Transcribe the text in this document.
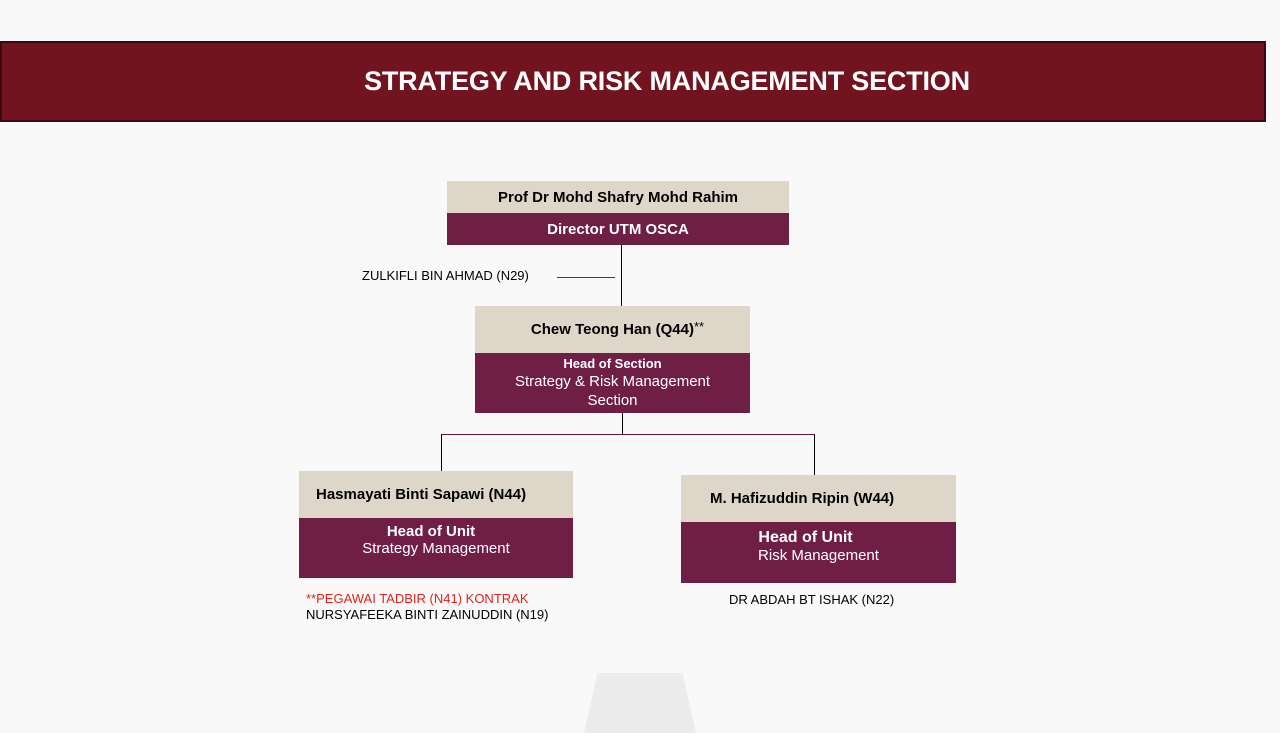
STRATEGY AND RISK MANAGEMENT SECTION
Prof Dr Mohd Shafry Mohd Rahim
Director UTM OSCA
ZULKIFLI BIN AHMAD (N29)
Chew Teong Han (Q44) **
Head of Section
Strategy & Risk Management Section
Hasmayati Binti Sapawi (N44)
Head of Unit
Strategy Management
**PEGAWAI TADBIR (N41) KONTRAK
NURSYAFEEKA BINTI ZAINUDDIN (N19)
M. Hafizuddin Ripin (W44)
Head of Unit
Risk Management
DR ABDAH BT ISHAK (N22)
